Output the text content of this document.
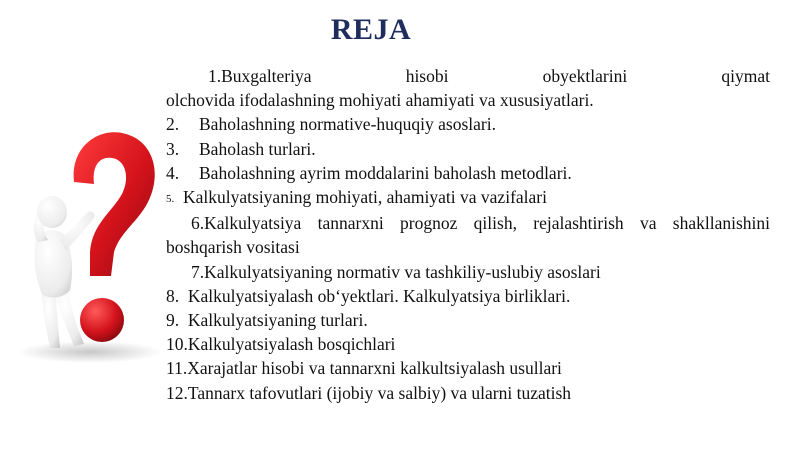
REJA
1.Buxgalteriya	hisobi	obyektlarini	qiymat
olchovida ifodalashning mohiyati ahamiyati va xususiyatlari.
2. Baholashning normative-huquqiy asoslari.
3. Baholash turlari.
4. Baholashning ayrim moddalarini baholash metodlari.
5. Kalkulyatsiyaning mohiyati, ahamiyati va vazifalari
6.Kalkulyatsiya tannarxni prognoz qilish, rejalashtirish va shakllanishini boshqarish vositasi
7.Kalkulyatsiyaning normativ va tashkiliy-uslubiy asoslari
8. Kalkulyatsiyalash ob‘yektlari. Kalkulyatsiya birliklari.
9. Kalkulyatsiyaning turlari.
10.Kalkulyatsiyalash bosqichlari
11.Xarajatlar hisobi va tannarxni kalkultsiyalash usullari
12.Tannarx tafovutlari (ijobiy va salbiy) va ularni tuzatish
